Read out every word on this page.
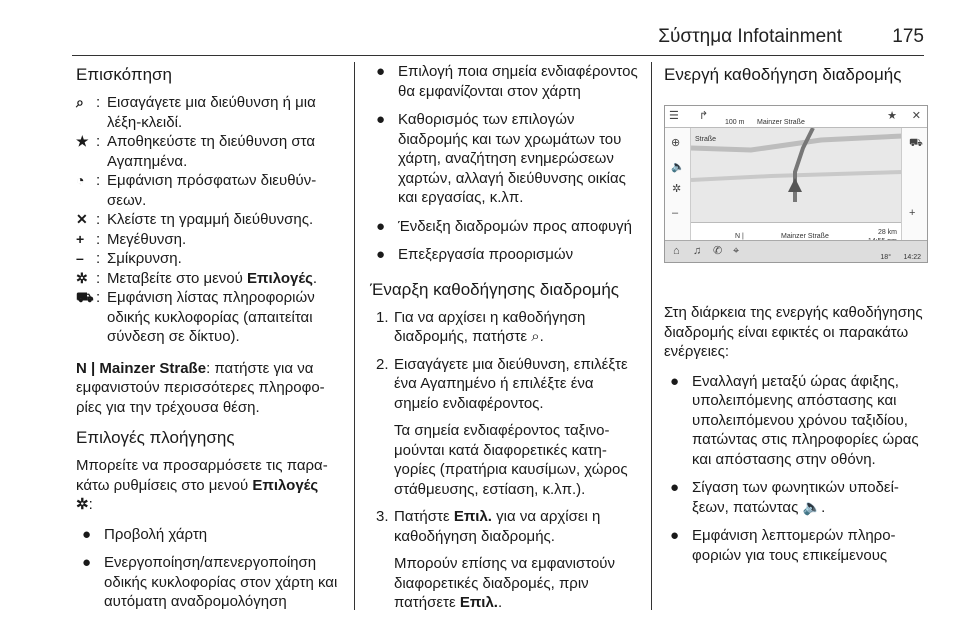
Σύστημα Infotainment	175
Επισκόπηση
⌕ : Εισαγάγετε μια διεύθυνση ή μια λέξη-κλειδί.
★ : Αποθηκεύστε τη διεύθυνση στα Αγαπημένα.
◔ : Εμφάνιση πρόσφατων διευθύνσεων.
✕ : Κλείστε τη γραμμή διεύθυνσης.
+ : Μεγέθυνση.
– : Σμίκρυνση.
✲ : Μεταβείτε στο μενού Επιλογές.
⛟ : Εμφάνιση λίστας πληροφοριών οδικής κυκλοφορίας (απαιτείται σύνδεση σε δίκτυο).

N | Mainzer Straße: πατήστε για να εμφανιστούν περισσότερες πληροφορίες για την τρέχουσα θέση.

Επιλογές πλοήγησης

Μπορείτε να προσαρμόσετε τις παρακάτω ρυθμίσεις στο μενού Επιλογές
✲:

● Προβολή χάρτη
● Ενεργοποίηση/απενεργοποίηση οδικής κυκλοφορίας στον χάρτη και αυτόματη αναδρομολόγηση
● Επιλογή ποια σημεία ενδιαφέροντος θα εμφανίζονται στον χάρτη
● Καθορισμός των επιλογών διαδρομής και των χρωμάτων του χάρτη, αναζήτηση ενημερώσεων χαρτών, αλλαγή διεύθυνσης οικίας και εργασίας, κ.λπ.
● Ένδειξη διαδρομών προς αποφυγή
● Επεξεργασία προορισμών
Έναρξη καθοδήγησης διαδρομής
1. Για να αρχίσει η καθοδήγηση διαδρομής, πατήστε ⌕.
2. Εισαγάγετε μια διεύθυνση, επιλέξτε ένα Αγαπημένο ή επιλέξτε ένα σημείο ενδιαφέροντος.

Τα σημεία ενδιαφέροντος ταξινομούνται κατά διαφορετικές κατηγορίες (πρατήρια καυσίμων, χώρος στάθμευσης, εστίαση, κ.λπ.).

3. Πατήστε Επιλ. για να αρχίσει η καθοδήγηση διαδρομής.

Μπορούν επίσης να εμφανιστούν διαφορετικές διαδρομές, πριν πατήσετε Επιλ..

Ενεργή καθοδήγηση διαδρομής
☰ ↱
100 m Mainzer Straße
★ ✕
⊕
🔈
✲
–
Straße	⛟
+
N |	Mainzer Straße
28 km
⌂ ♫ ✆ ⌖
18° 14:22

Στη διάρκεια της ενεργής καθοδήγησης διαδρομής είναι εφικτές οι παρακάτω ενέργειες:

● Εναλλαγή μεταξύ ώρας άφιξης, υπολειπόμενης απόστασης και υπολειπόμενου χρόνου ταξιδίου, πατώντας στις πληροφορίες ώρας και απόστασης στην οθόνη.
● Σίγαση των φωνητικών υποδείξεων, πατώντας 🔈.
● Εμφάνιση λεπτομερών πληροφοριών για τους επικείμενους
